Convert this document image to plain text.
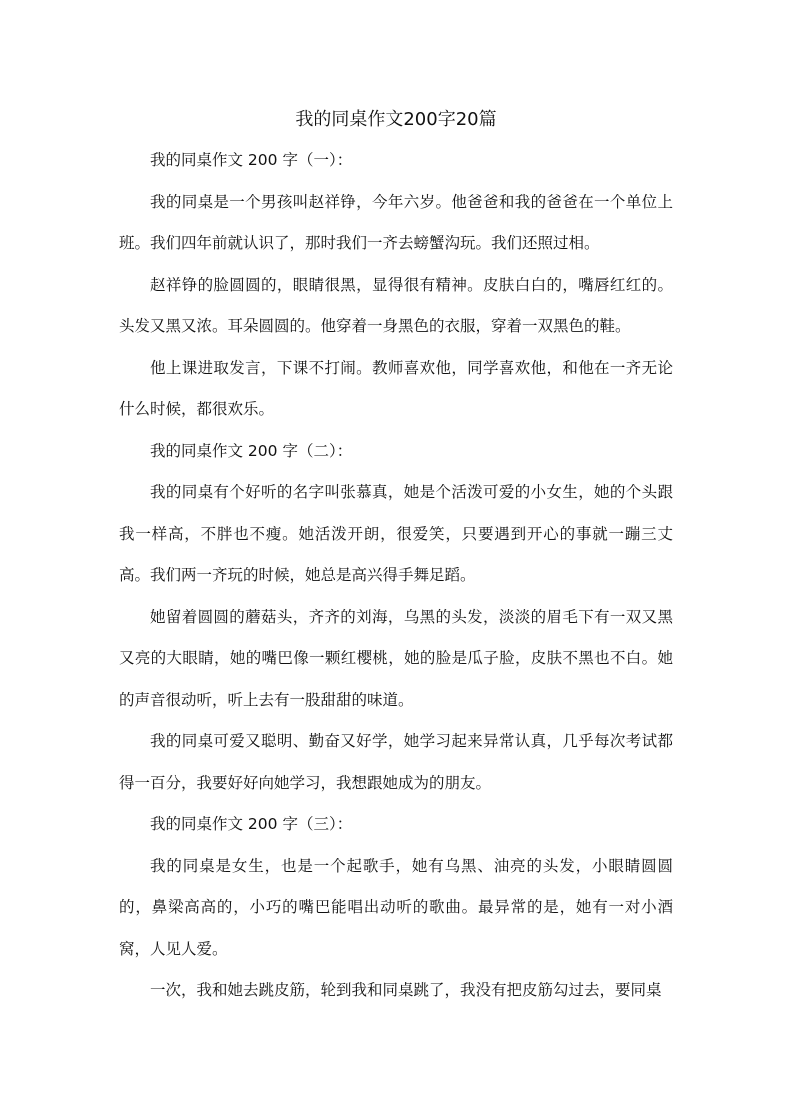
我的同桌作文200字20篇

我的同桌作文 200 字（一）：

我的同桌是一个男孩叫赵祥铮，今年六岁。他爸爸和我的爸爸在一个单位上班。我们四年前就认识了，那时我们一齐去螃蟹沟玩。我们还照过相。

赵祥铮的脸圆圆的，眼睛很黑，显得很有精神。皮肤白白的，嘴唇红红的。头发又黑又浓。耳朵圆圆的。他穿着一身黑色的衣服，穿着一双黑色的鞋。

他上课进取发言，下课不打闹。教师喜欢他，同学喜欢他，和他在一齐无论什么时候，都很欢乐。

我的同桌作文 200 字（二）：

我的同桌有个好听的名字叫张慕真，她是个活泼可爱的小女生，她的个头跟我一样高，不胖也不瘦。她活泼开朗，很爱笑，只要遇到开心的事就一蹦三丈高。我们两一齐玩的时候，她总是高兴得手舞足蹈。

她留着圆圆的蘑菇头，齐齐的刘海，乌黑的头发，淡淡的眉毛下有一双又黑又亮的大眼睛，她的嘴巴像一颗红樱桃，她的脸是瓜子脸，皮肤不黑也不白。她的声音很动听，听上去有一股甜甜的味道。

我的同桌可爱又聪明、勤奋又好学，她学习起来异常认真，几乎每次考试都得一百分，我要好好向她学习，我想跟她成为的朋友。

我的同桌作文 200 字（三）：

我的同桌是女生，也是一个起歌手，她有乌黑、油亮的头发，小眼睛圆圆的，鼻梁高高的，小巧的嘴巴能唱出动听的歌曲。最异常的是，她有一对小酒窝，人见人爱。

一次，我和她去跳皮筋，轮到我和同桌跳了，我没有把皮筋勾过去，要同桌
